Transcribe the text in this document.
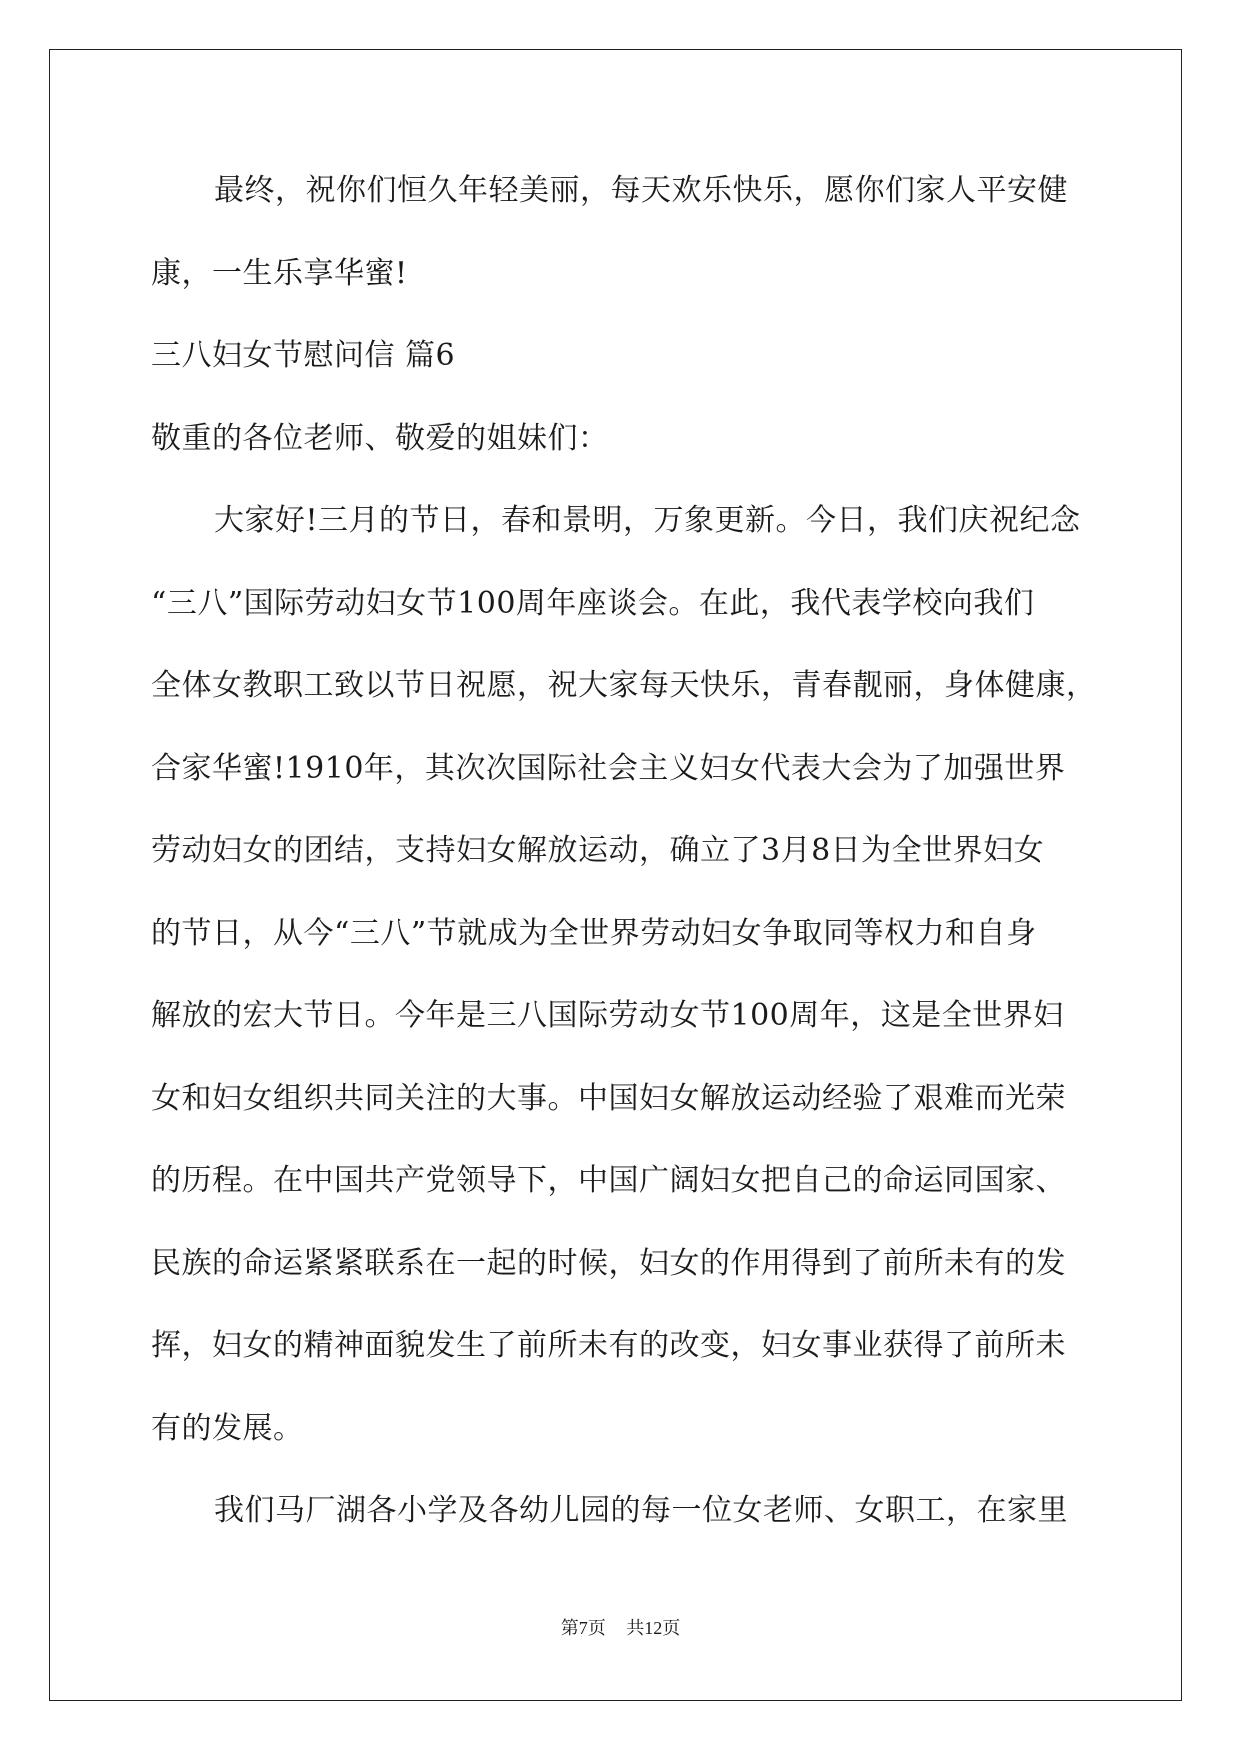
最终，祝你们恒久年轻美丽，每天欢乐快乐，愿你们家人平安健
康，一生乐享华蜜!
三八妇女节慰问信 篇6
敬重的各位老师、敬爱的姐妹们：
大家好!三月的节日，春和景明，万象更新。今日，我们庆祝纪念
“三八”国际劳动妇女节100周年座谈会。在此，我代表学校向我们
全体女教职工致以节日祝愿，祝大家每天快乐，青春靓丽，身体健康，
合家华蜜!1910年，其次次国际社会主义妇女代表大会为了加强世界
劳动妇女的团结，支持妇女解放运动，确立了3月8日为全世界妇女
的节日，从今“三八”节就成为全世界劳动妇女争取同等权力和自身
解放的宏大节日。今年是三八国际劳动女节100周年，这是全世界妇
女和妇女组织共同关注的大事。中国妇女解放运动经验了艰难而光荣
的历程。在中国共产党领导下，中国广阔妇女把自己的命运同国家、
民族的命运紧紧联系在一起的时候，妇女的作用得到了前所未有的发
挥，妇女的精神面貌发生了前所未有的改变，妇女事业获得了前所未
有的发展。
我们马厂湖各小学及各幼儿园的每一位女老师、女职工，在家里
第7页 共12页
